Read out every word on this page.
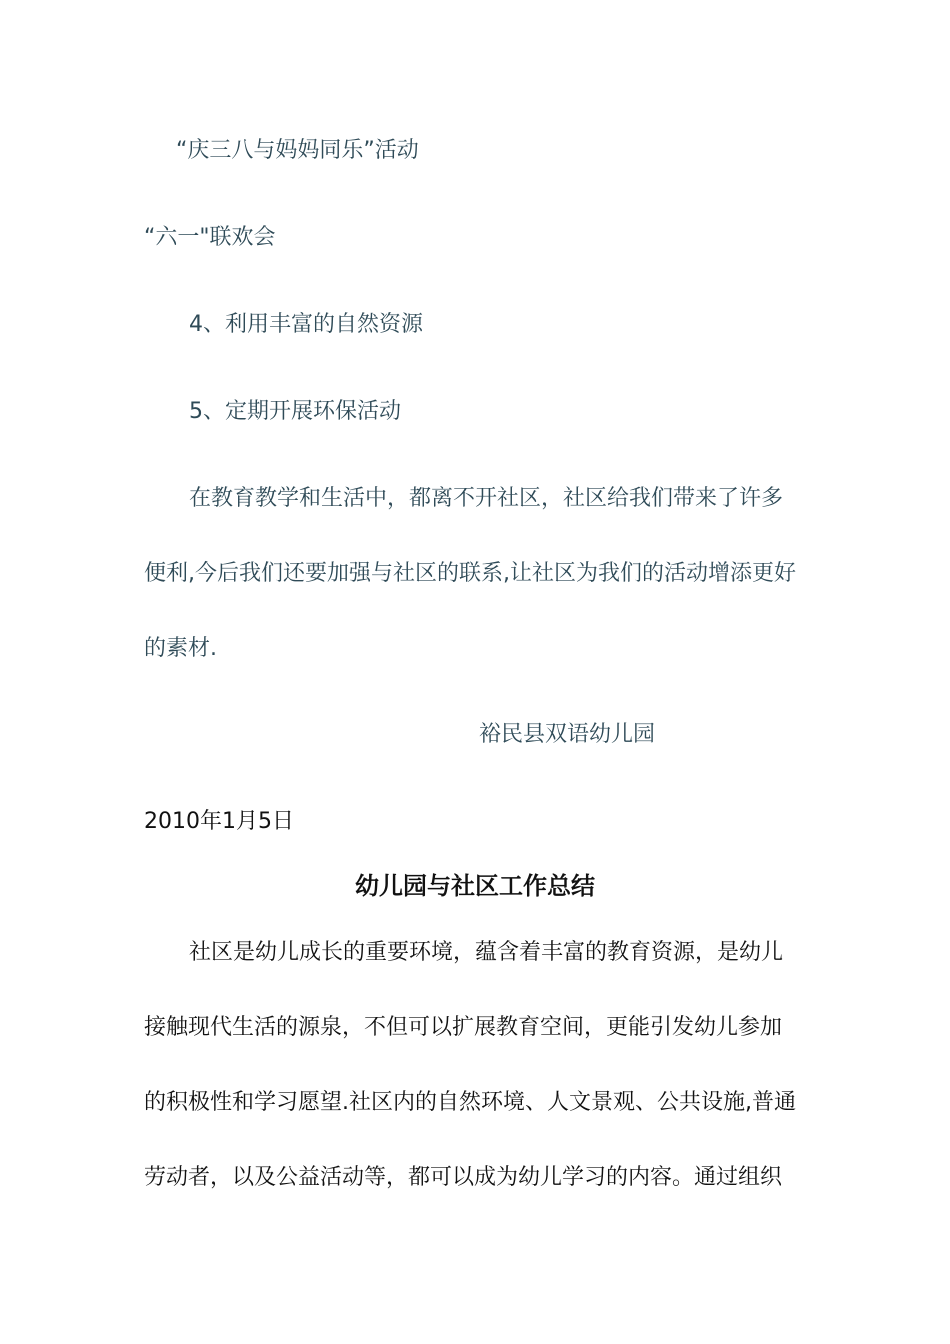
“庆三八与妈妈同乐”活动
“六一"联欢会
4、利用丰富的自然资源
5、定期开展环保活动
在教育教学和生活中，都离不开社区，社区给我们带来了许多
便利,今后我们还要加强与社区的联系,让社区为我们的活动增添更好
的素材.
裕民县双语幼儿园
2010年1月5日
幼儿园与社区工作总结
社区是幼儿成长的重要环境，蕴含着丰富的教育资源，是幼儿
接触现代生活的源泉，不但可以扩展教育空间，更能引发幼儿参加
的积极性和学习愿望.社区内的自然环境、人文景观、公共设施,普通
劳动者，以及公益活动等，都可以成为幼儿学习的内容。通过组织
